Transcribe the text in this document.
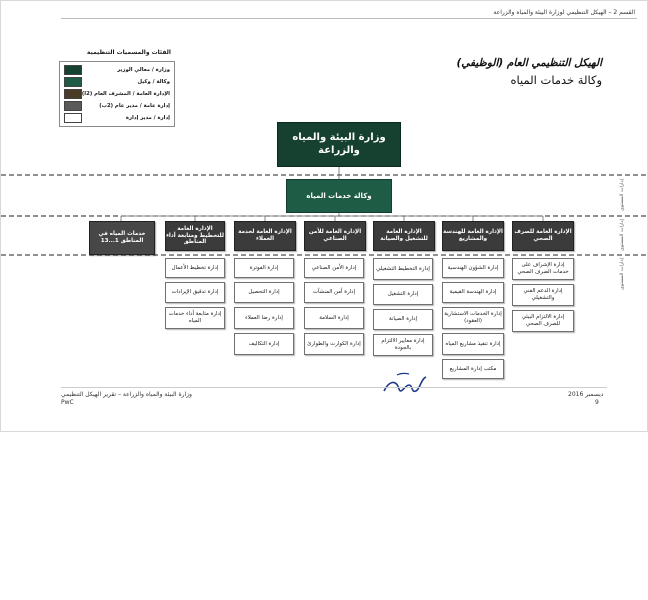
القسم 2 – الهيكل التنظيمي لوزارة البيئة والمياه والزراعة
الهيكل التنظيمي العام (الوظيفي)
وكالة خدمات المياه
الفئات والمسميات التنظيمية
وزارة / معالي الوزير
وكالة / وكيل
الإدارة العامة / المشرف العام (2أ)
إدارة عامة / مدير عام (2ب)
إدارة / مدير إدارة
إدارات المستوى
إدارات المستوى
إدارات المستوى
وزارة البيئة والمياه والزراعة
وكالة خدمات المياه
خدمات المياه في المناطق 1...13
الإدارة العامة للتخطيط ومتابعة أداء المناطق
الإدارة العامة لخدمة العملاء
الإدارة العامة للأمن الصناعي
الإدارة العامة للتشغيل والصيانة
الإدارة العامة للهندسة والمشاريع
الإدارة العامة للصرف الصحي
إدارة تخطيط الأعمال
إدارة تدقيق الإيرادات
إدارة متابعة أداء خدمات المياه
إدارة الفوترة
إدارة التحصيل
إدارة رضا العملاء
إدارة التكاليف
إدارة الأمن الصناعي
إدارة أمن المنشآت
إدارة السلامة
إدارة الكوارث والطوارئ
إدارة التخطيط التشغيلي
إدارة التشغيل
إدارة الصيانة
إدارة معايير الالتزام بالجودة
إدارة الشؤون الهندسية
إدارة الهندسة القيمية
إدارة الخدمات الاستشارية (العقود)
إدارة تنفيذ مشاريع المياه
مكتب إدارة المشاريع
إدارة الإشراف على خدمات الصرف الصحي
إدارة الدعم الفني والتشغيلي
إدارة الالتزام البيئي للصرف الصحي
وزارة البيئة والمياه والزراعة – تقرير الهيكل التنظيمي
PwC
ديسمبر 2016
9
